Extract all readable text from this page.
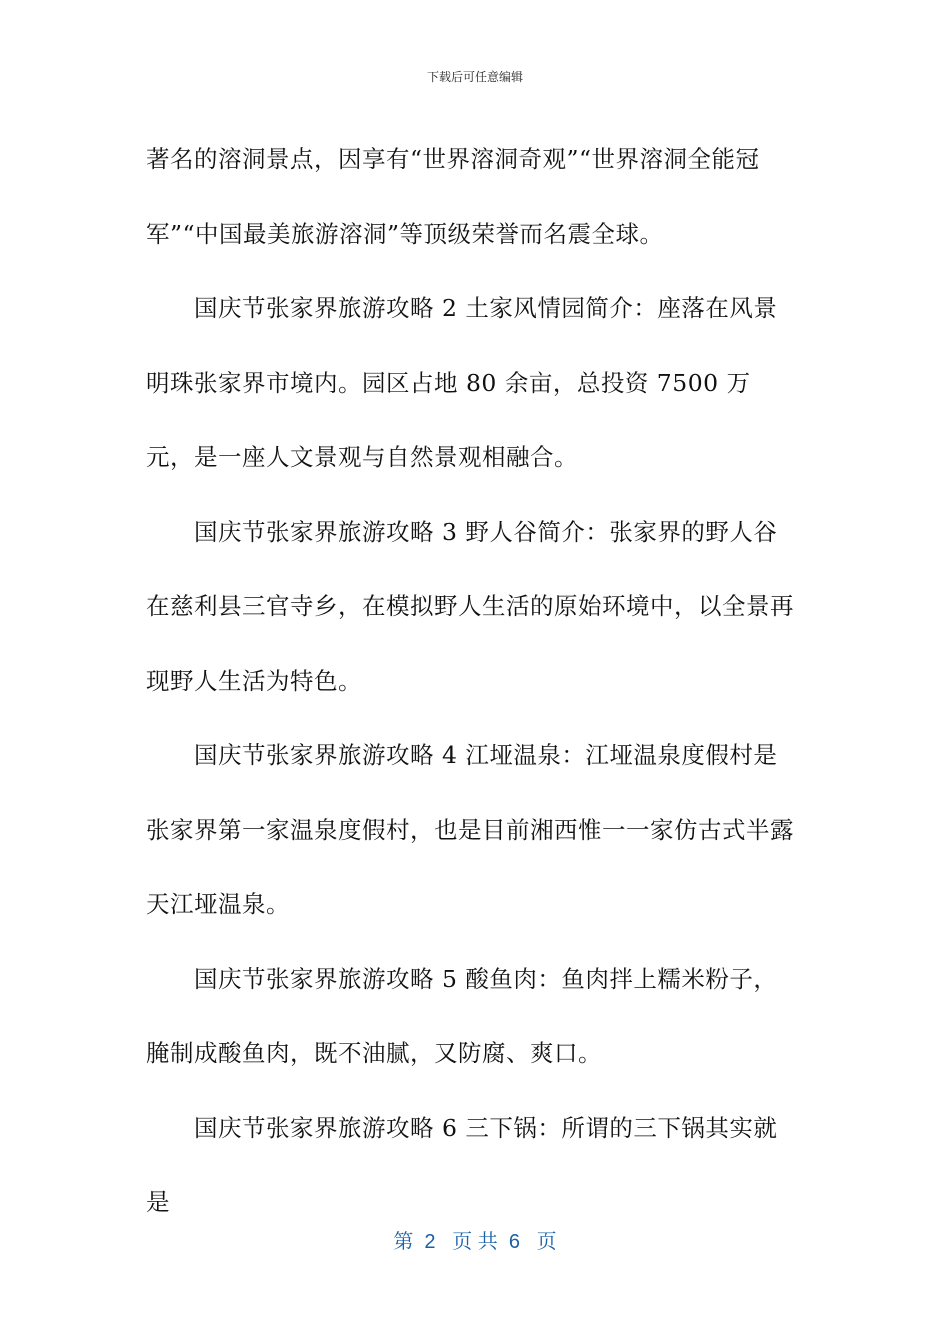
下载后可任意编辑

著名的溶洞景点，因享有“世界溶洞奇观”“世界溶洞全能冠军”“中国最美旅游溶洞”等顶级荣誉而名震全球。

国庆节张家界旅游攻略 2 土家风情园简介：座落在风景明珠张家界市境内。园区占地 80 余亩，总投资 7500 万元，是一座人文景观与自然景观相融合。

国庆节张家界旅游攻略 3 野人谷简介：张家界的野人谷在慈利县三官寺乡，在模拟野人生活的原始环境中，以全景再现野人生活为特色。

国庆节张家界旅游攻略 4 江垭温泉：江垭温泉度假村是张家界第一家温泉度假村，也是目前湘西惟一一家仿古式半露天江垭温泉。

国庆节张家界旅游攻略 5 酸鱼肉：鱼肉拌上糯米粉子，腌制成酸鱼肉，既不油腻，又防腐、爽口。

国庆节张家界旅游攻略 6 三下锅：所谓的三下锅其实就是

第  2   页 共  6   页
